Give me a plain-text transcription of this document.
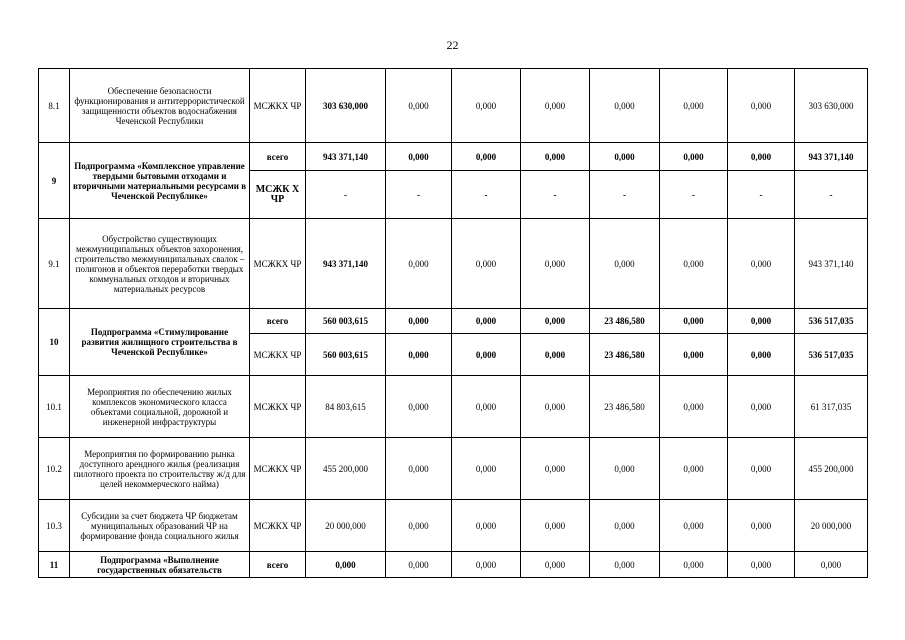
22
8.1	Обеспечение безопасности функционирования и антитеррористической защищенности объектов водоснабжения Чеченской Республики	МСЖКХ ЧР	303 630,000	0,000	0,000	0,000	0,000	0,000	0,000	303 630,000
9	Подпрограмма «Комплексное управление твердыми бытовыми отходами и вторичными материальными ресурсами в Чеченской Республике»	всего	943 371,140	0,000	0,000	0,000	0,000	0,000	0,000	943 371,140
		МСЖК Х ЧР	-	-	-	-	-	-	-	-
9.1	Обустройство существующих межмуниципальных объектов захоронения, строительство межмуниципальных свалок – полигонов и объектов переработки твердых коммунальных отходов и вторичных материальных ресурсов	МСЖКХ ЧР	943 371,140	0,000	0,000	0,000	0,000	0,000	0,000	943 371,140
10	Подпрограмма «Стимулирование развития жилищного строительства в Чеченской Республике»	всего	560 003,615	0,000	0,000	0,000	23 486,580	0,000	0,000	536 517,035
		МСЖКХ ЧР	560 003,615	0,000	0,000	0,000	23 486,580	0,000	0,000	536 517,035
10.1	Мероприятия по обеспечению жилых комплексов экономического класса объектами социальной, дорожной и инженерной инфраструктуры	МСЖКХ ЧР	84 803,615	0,000	0,000	0,000	23 486,580	0,000	0,000	61 317,035
10.2	Мероприятия по формированию рынка доступного арендного жилья (реализация пилотного проекта по строительству ж/д для целей некоммерческого найма)	МСЖКХ ЧР	455 200,000	0,000	0,000	0,000	0,000	0,000	0,000	455 200,000
10.3	Субсидии за счет бюджета ЧР бюджетам муниципальных образований ЧР на формирование фонда социального жилья	МСЖКХ ЧР	20 000,000	0,000	0,000	0,000	0,000	0,000	0,000	20 000,000
11	Подпрограмма «Выполнение государственных обязательств	всего	0,000	0,000	0,000	0,000	0,000	0,000	0,000	0,000
